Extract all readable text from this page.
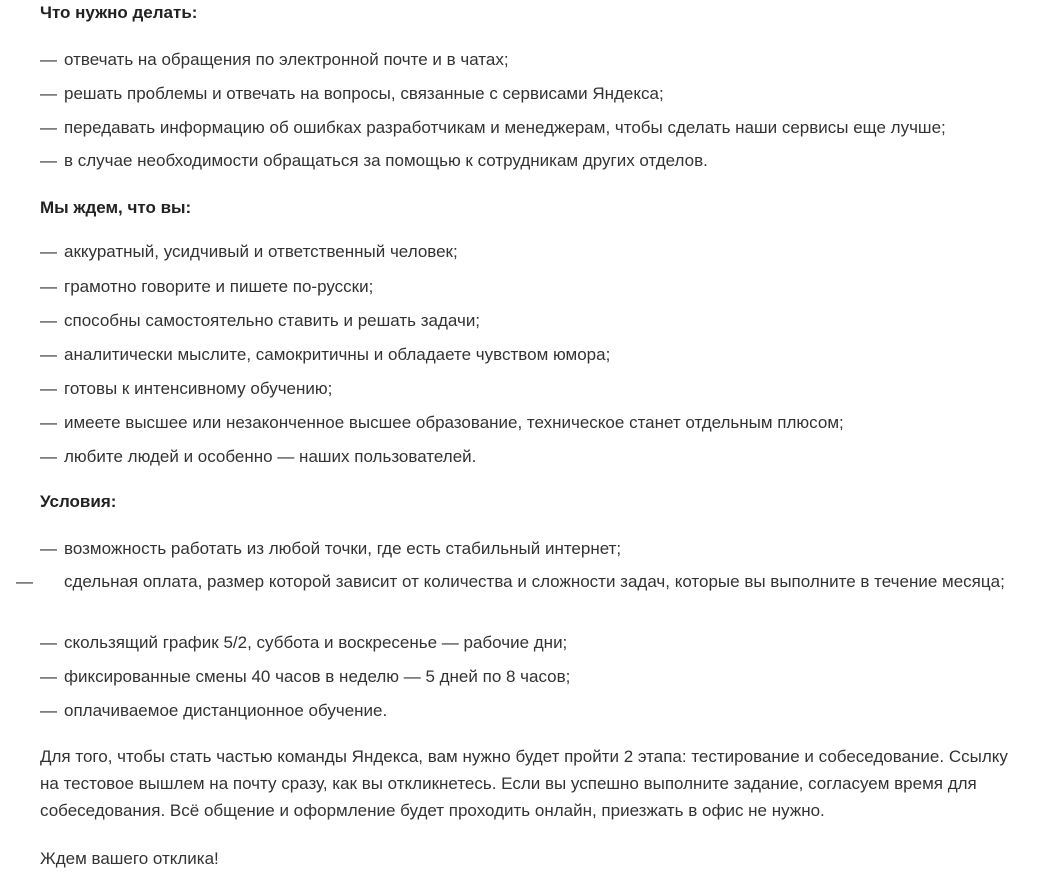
Что нужно делать:
— отвечать на обращения по электронной почте и в чатах;
— решать проблемы и отвечать на вопросы, связанные с сервисами Яндекса;
— передавать информацию об ошибках разработчикам и менеджерам, чтобы сделать наши сервисы еще лучше;
— в случае необходимости обращаться за помощью к сотрудникам других отделов.
Мы ждем, что вы:
— аккуратный, усидчивый и ответственный человек;
— грамотно говорите и пишете по-русски;
— способны самостоятельно ставить и решать задачи;
— аналитически мыслите, самокритичны и обладаете чувством юмора;
— готовы к интенсивному обучению;
— имеете высшее или незаконченное высшее образование, техническое станет отдельным плюсом;
— любите людей и особенно — наших пользователей.
Условия:
— возможность работать из любой точки, где есть стабильный интернет;
— сдельная оплата, размер которой зависит от количества и сложности задач, которые вы выполните в течение месяца;
— скользящий график 5/2, суббота и воскресенье — рабочие дни;
— фиксированные смены 40 часов в неделю — 5 дней по 8 часов;
— оплачиваемое дистанционное обучение.
Для того, чтобы стать частью команды Яндекса, вам нужно будет пройти 2 этапа: тестирование и собеседование. Ссылку на тестовое вышлем на почту сразу, как вы откликнетесь. Если вы успешно выполните задание, согласуем время для собеседования. Всё общение и оформление будет проходить онлайн, приезжать в офис не нужно.
Ждем вашего отклика!
